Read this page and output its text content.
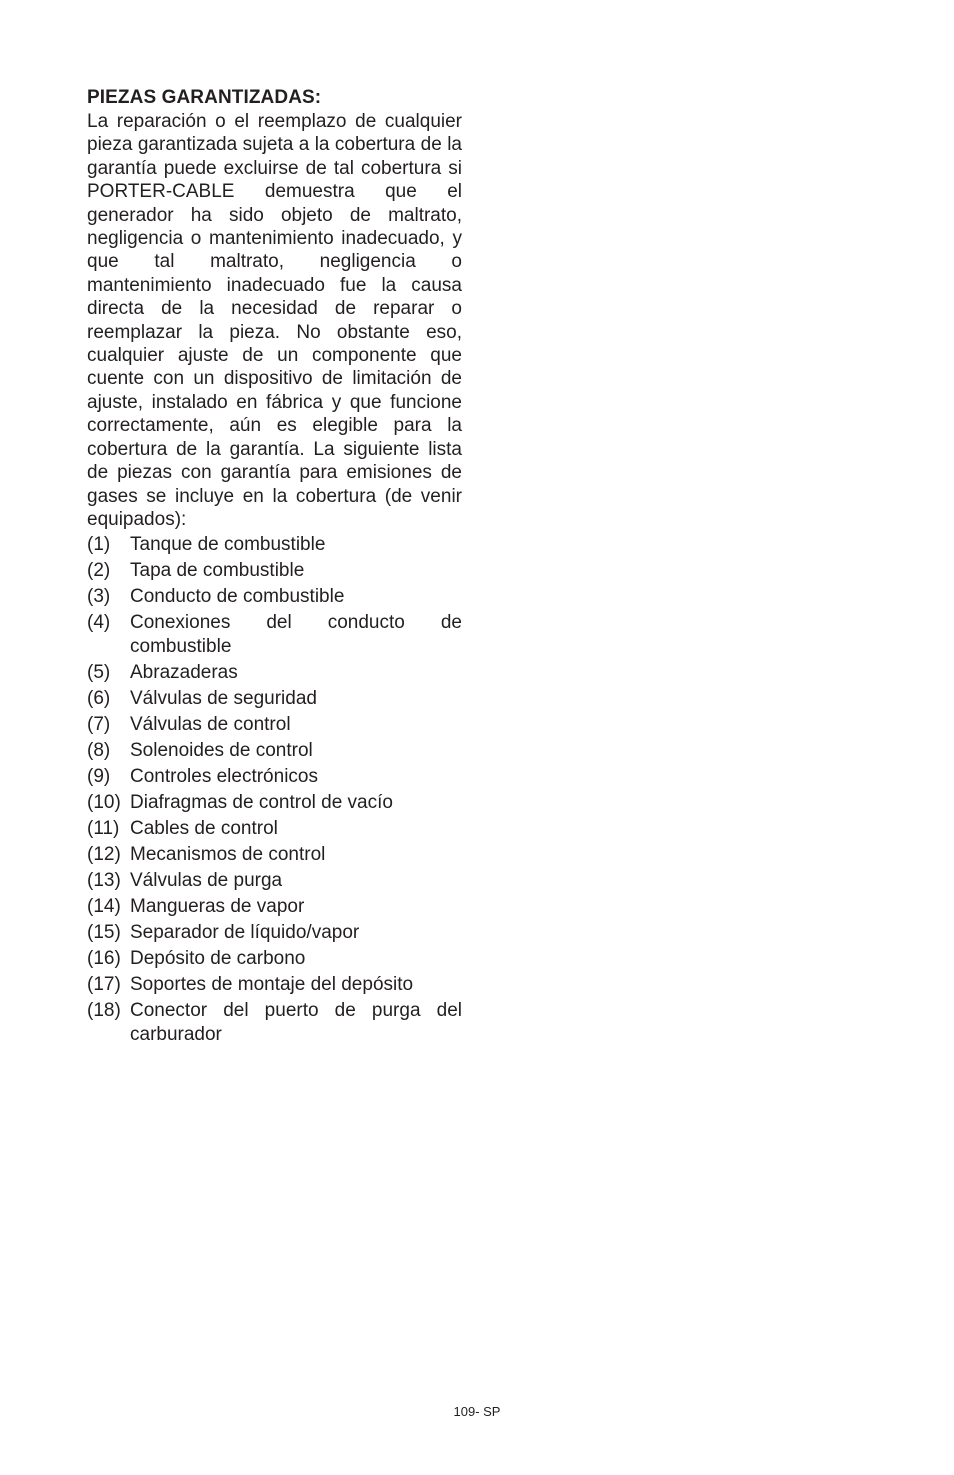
PIEZAS GARANTIZADAS:

La reparación o el reemplazo de cualquier pieza garantizada sujeta a la cobertura de la garantía puede excluirse de tal cobertura si PORTER-CABLE demuestra que el generador ha sido objeto de maltrato, negligencia o mantenimiento inadecuado, y que tal maltrato, negligencia o mantenimiento inadecuado fue la causa directa de la necesidad de reparar o reemplazar la pieza. No obstante eso, cualquier ajuste de un componente que cuente con un dispositivo de limitación de ajuste, instalado en fábrica y que funcione correctamente, aún es elegible para la cobertura de la garantía. La siguiente lista de piezas con garantía para emisiones de gases se incluye en la cobertura (de venir equipados):

(1)	Tanque de combustible
(2)	Tapa de combustible
(3)	Conducto de combustible
(4)	Conexiones del conducto de combustible
(5)	Abrazaderas
(6)	Válvulas de seguridad
(7)	Válvulas de control
(8)	Solenoides de control
(9)	Controles electrónicos
(10) Diafragmas de control de vacío
(11) Cables de control
(12) Mecanismos de control
(13) Válvulas de purga
(14) Mangueras de vapor
(15) Separador de líquido/vapor
(16) Depósito de carbono
(17) Soportes de montaje del depósito
(18) Conector del puerto de purga del carburador
109- SP
